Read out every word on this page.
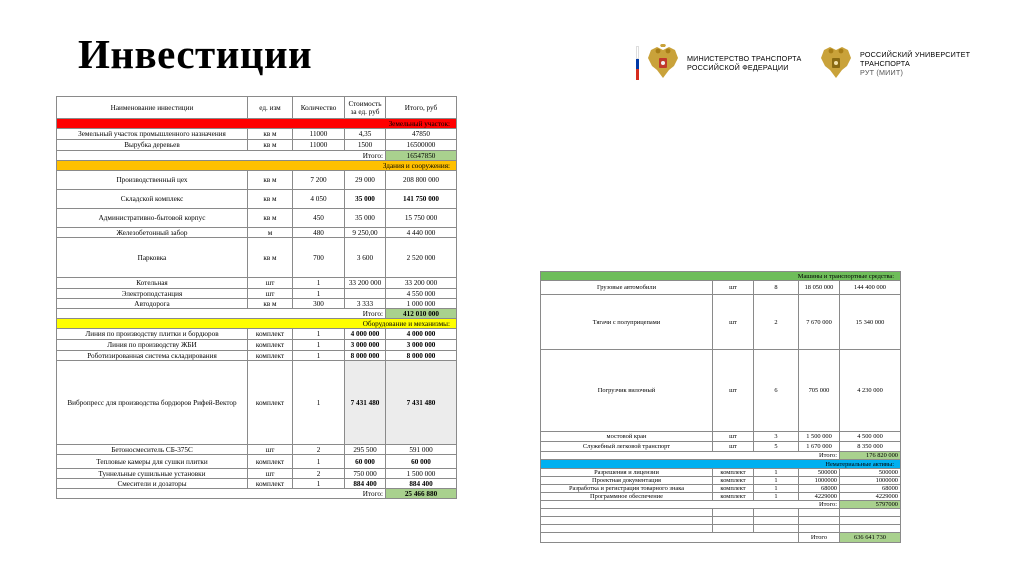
Инвестиции	МИНИСТЕРСТВО ТРАНСПОРТА
РОССИЙСКОЙ ФЕДЕРАЦИИ
РОССИЙСКИЙ УНИВЕРСИТЕТ
ТРАНСПОРТА
РУТ (МИИТ)
Наименование инвестиции	ед. изм	Количество	Стоимость за ед. руб	Итого, руб
Земельный участок:				
Земельный участок промышленного назначения	кв м	11000	4,35	47850
Вырубка деревьев	кв м	11000	1500	16500000
Итого:				16547850
Здания и сооружения:				
Производственный цех	кв м	7 200	29 000	208 800 000
Складской комплекс	кв м	4 050	35 000	141 750 000
Административно-бытовой корпус	кв м	450	35 000	15 750 000
Железобетонный забор	м	480	9 250,00	4 440 000
Парковка	кв м	700	3 600	2 520 000
Котельная	шт	1	33 200 000	33 200 000
Электроподстанция	шт	1		4 550 000
Автодорога	кв м	300	3 333	1 000 000
Итого:				412 010 000
Оборудование и механизмы:				
Линия по производству плитки и бордюров	комплект	1	4 000 000	4 000 000
Линия по производству ЖБИ	комплект	1	3 000 000	3 000 000
Роботизированная система складирования	комплект	1	8 000 000	8 000 000
Вибропресс для производства бордюров Рифей-Вектор	комплект	1	7 431 480	7 431 480
Бетоносмеситель СБ-375С	шт	2	295 500	591 000
Тепловые камеры для сушки плитки	комплект	1	60 000	60 000
Туннельные сушильные установки	шт	2	750 000	1 500 000
Смесители и дозаторы	комплект	1	884 400	884 400
Итого:				25 466 880
Машины и транспортные средства:				
Грузовые автомобили	шт	8	18 050 000	144 400 000
Тягачи с полуприцепами	шт	2	7 670 000	15 340 000
Погрузчик вилочный	шт	6	705 000	4 230 000
мостовой кран	шт	3	1 500 000	4 500 000
Служебный легковой транспорт	шт	5	1 670 000	8 350 000
Итого:				176 820 000
Нематериальные активы:				
Разрешения и лицензии	комплект	1	500000	500000
Проектная документация	комплект	1	1000000	1000000
Разработка и регистрация товарного знака	комплект	1	68000	68000
Программное обеспечение	комплект	1	4229000	4229000
Итого:				5797000

			Итого	636 641 730
